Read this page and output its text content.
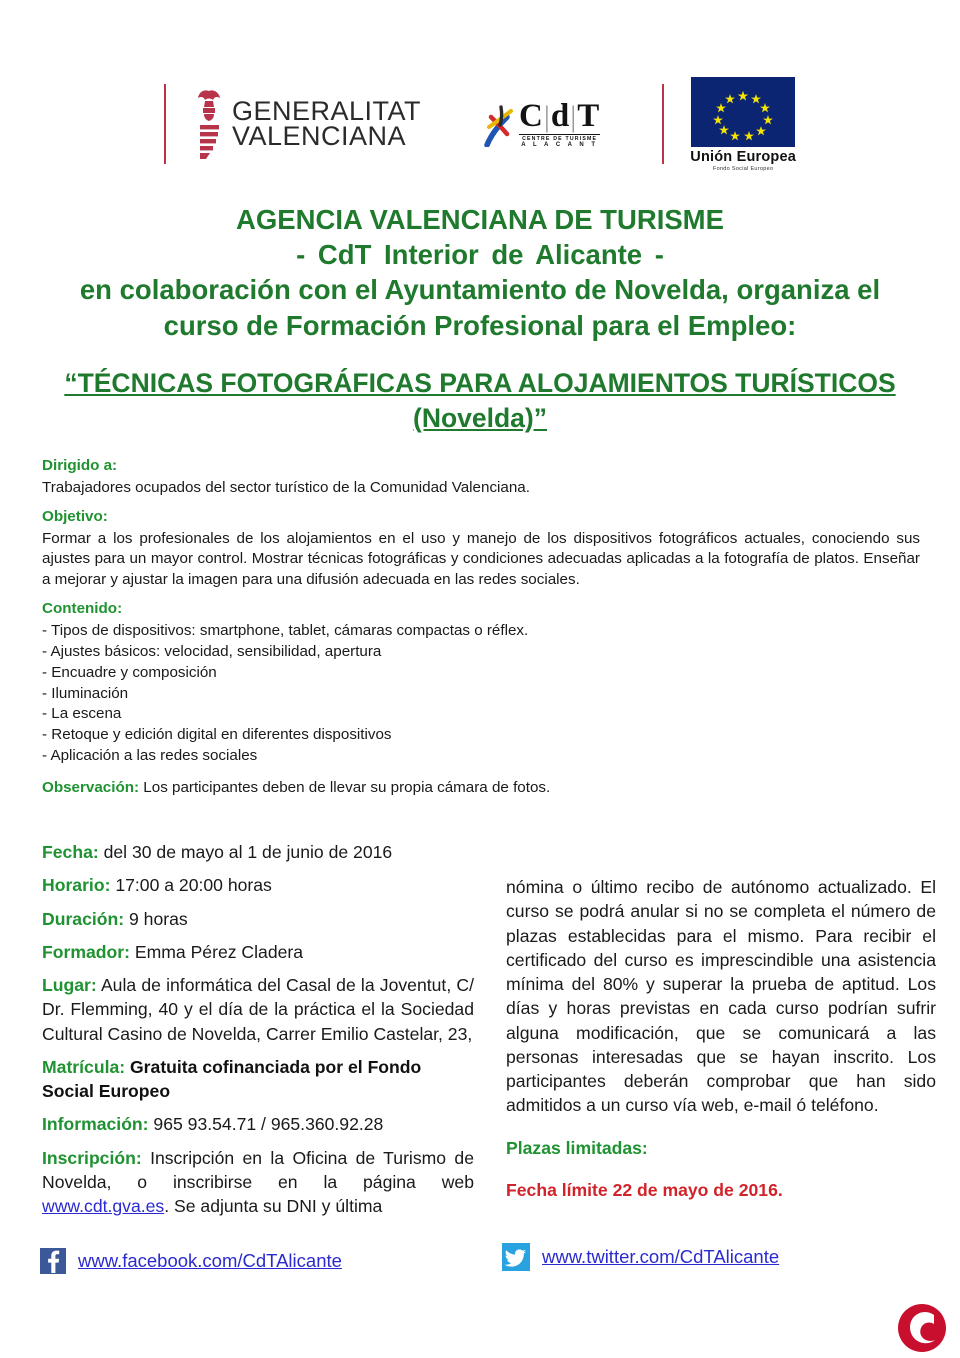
GENERALITAT
VALENCIANA
C|d|T
CENTRE DE TURISME
A L A C A N T
Unión Europea
Fondo Social Europeo
AGENCIA VALENCIANA DE TURISME
- CdT Interior de Alicante -
en colaboración con el Ayuntamiento de Novelda, organiza el
curso de Formación Profesional para el Empleo:
“TÉCNICAS FOTOGRÁFICAS PARA ALOJAMIENTOS TURÍSTICOS
(Novelda)”
Dirigido a:
Trabajadores ocupados del sector turístico de la Comunidad Valenciana.
Objetivo:
Formar a los profesionales de los alojamientos en el uso y manejo de los dispositivos fotográficos actuales, conociendo sus ajustes para un mayor control. Mostrar técnicas fotográficas y condiciones adecuadas aplicadas a la fotografía de platos. Enseñar a mejorar y ajustar la imagen para una difusión adecuada en las redes sociales.
Contenido:
- Tipos de dispositivos: smartphone, tablet, cámaras compactas o réflex.
- Ajustes básicos: velocidad, sensibilidad, apertura
- Encuadre y composición
- Iluminación
- La escena
- Retoque y edición digital en diferentes dispositivos
- Aplicación a las redes sociales
Observación: Los participantes deben de llevar su propia cámara de fotos.

Fecha: del 30 de mayo al 1 de junio de 2016

Horario: 17:00 a 20:00 horas

Duración: 9 horas

Formador: Emma Pérez Cladera

Lugar: Aula de informática del Casal de la Joventut, C/ Dr. Flemming, 40 y el día de la práctica el la Sociedad Cultural Casino de Novelda, Carrer Emilio Castelar, 23,

Matrícula: Gratuita cofinanciada por el Fondo Social Europeo

Información: 965 93.54.71 / 965.360.92.28

Inscripción: Inscripción en la Oficina de Turismo de Novelda, o inscribirse en la página web www.cdt.gva.es. Se adjunta su DNI y última

nómina o último recibo de autónomo actualizado. El curso se podrá anular si no se completa el número de plazas establecidas para el mismo. Para recibir el certificado del curso es imprescindible una asistencia mínima del 80% y superar la prueba de aptitud. Los días y horas previstas en cada curso podrían sufrir alguna modificación, que se comunicará a las personas interesadas que se hayan inscrito. Los participantes deberán comprobar que han sido admitidos a un curso vía web, e-mail ó teléfono.

Plazas limitadas:

Fecha límite 22 de mayo de 2016.

www.facebook.com/CdTAlicante	www.twitter.com/CdTAlicante
